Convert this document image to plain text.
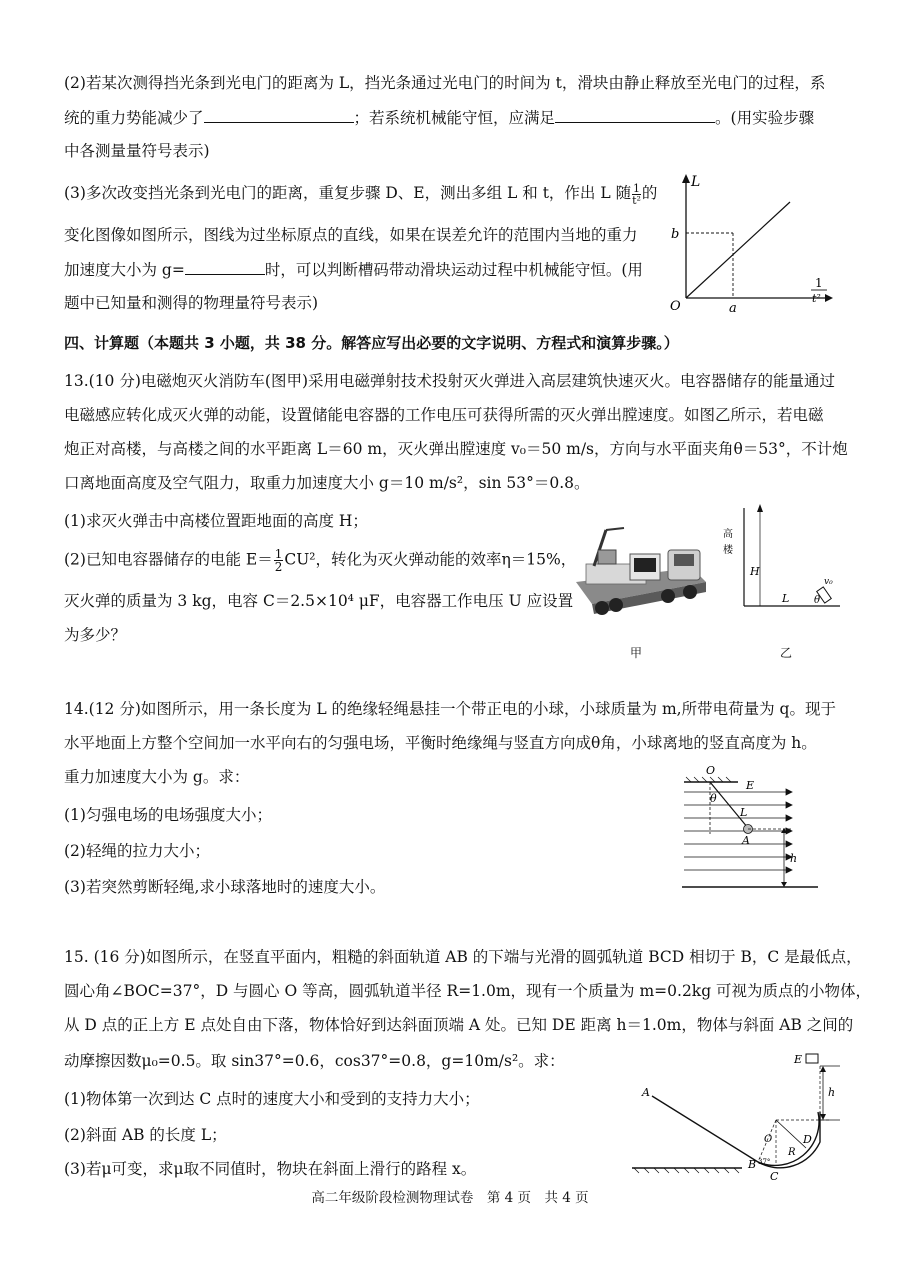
(2)若某次测得挡光条到光电门的距离为 L，挡光条通过光电门的时间为 t，滑块由静止释放至光电门的过程，系
统的重力势能减少了	；若系统机械能守恒，应满足	。(用实验步骤
中各测量量符号表示)
(3)多次改变挡光条到光电门的距离，重复步骤 D、E，测出多组 L 和 t，作出 L 随 $\frac{1}{\text{t²}}$ 的
变化图像如图所示，图线为过坐标原点的直线，如果在误差允许的范围内当地的重力
加速度大小为 g=	时，可以判断槽码带动滑块运动过程中机械能守恒。(用
题中已知量和测得的物理量符号表示)
L
b
O	a
1
t²
四、计算题（本题共 3 小题，共 38 分。解答应写出必要的文字说明、方程式和演算步骤。）
13.(10 分)电磁炮灭火消防车(图甲)采用电磁弹射技术投射灭火弹进入高层建筑快速灭火。电容器储存的能量通过
电磁感应转化成灭火弹的动能，设置储能电容器的工作电压可获得所需的灭火弹出膛速度。如图乙所示，若电磁
炮正对高楼，与高楼之间的水平距离 L＝60 m，灭火弹出膛速度 v₀＝50 m/s，方向与水平面夹角θ＝53°，不计炮
口离地面高度及空气阻力，取重力加速度大小 g＝10 m/s²，sin 53°＝0.8。
(1)求灭火弹击中高楼位置距地面的高度 H；
(2)已知电容器储存的电能 $E= \frac{1}{2} CU^2$，转化为灭火弹动能的效率η＝15%，
灭火弹的质量为 3 kg，电容 C＝2.5×10⁴ μF，电容器工作电压 U 应设置
为多少？
甲
高楼
H
L θ
v₀
乙
14.(12 分)如图所示，用一条长度为 L 的绝缘轻绳悬挂一个带正电的小球，小球质量为 m,所带电荷量为 q。现于
水平地面上方整个空间加一水平向右的匀强电场，平衡时绝缘绳与竖直方向成θ角，小球离地的竖直高度为 h。
重力加速度大小为 g。求：
(1)匀强电场的电场强度大小；
(2)轻绳的拉力大小；
(3)若突然剪断轻绳,求小球落地时的速度大小。
O
E
θ
L
A
h
15. (16 分)如图所示，在竖直平面内，粗糙的斜面轨道 AB 的下端与光滑的圆弧轨道 BCD 相切于 B，C 是最低点，
圆心角∠BOC=37°，D 与圆心 O 等高，圆弧轨道半径 R=1.0m，现有一个质量为 m=0.2kg 可视为质点的小物体，
从 D 点的正上方 E 点处自由下落，物体恰好到达斜面顶端 A 处。已知 DE 距离 h＝1.0m，物体与斜面 AB 之间的
动摩擦因数μ₀=0.5。取 sin37°=0.6，cos37°=0.8，g=10m/s²。求：
(1)物体第一次到达 C 点时的速度大小和受到的支持力大小；
(2)斜面 AB 的长度 L；
(3)若μ可变，求μ取不同值时，物块在斜面上滑行的路程 x。
E
h
A
O	D
R
B 37°
C
高二年级阶段检测物理试卷　第 4 页　共 4 页
